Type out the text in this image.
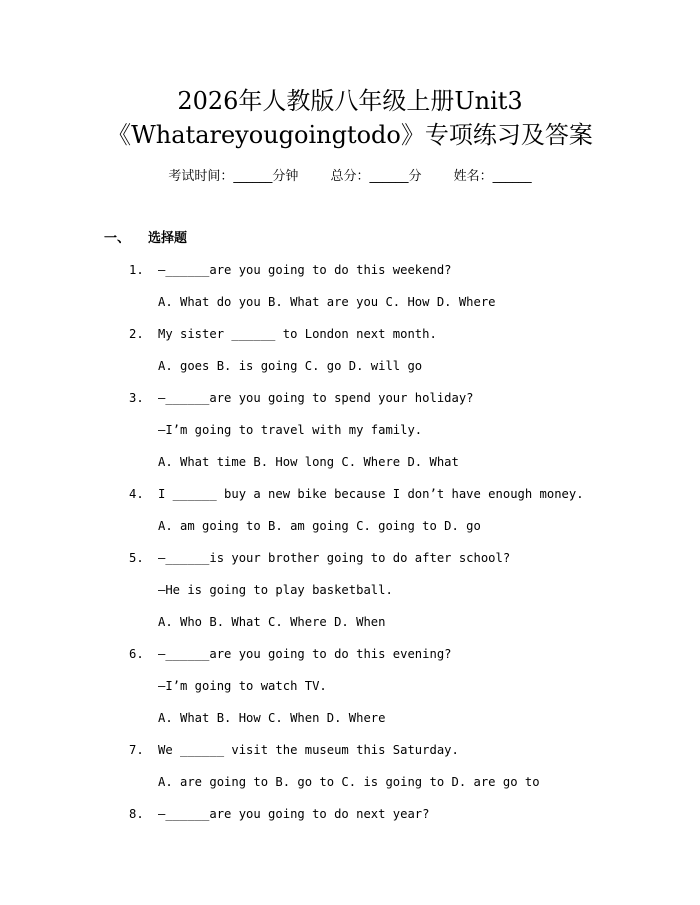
2026年人教版八年级上册Unit3
《Whatareyougoingtodo》专项练习及答案
考试时间：______分钟 总分：______分 姓名：______
一、 选择题
1. —______are you going to do this weekend?
A. What do you B. What are you C. How D. Where
2. My sister ______ to London next month.
A. goes B. is going C. go D. will go
3. —______are you going to spend your holiday?
—I’m going to travel with my family.
A. What time B. How long C. Where D. What
4. I ______ buy a new bike because I don’t have enough money.
A. am going to B. am going C. going to D. go
5. —______is your brother going to do after school?
—He is going to play basketball.
A. Who B. What C. Where D. When
6. —______are you going to do this evening?
—I’m going to watch TV.
A. What B. How C. When D. Where
7. We ______ visit the museum this Saturday.
A. are going to B. go to C. is going to D. are go to
8. —______are you going to do next year?
